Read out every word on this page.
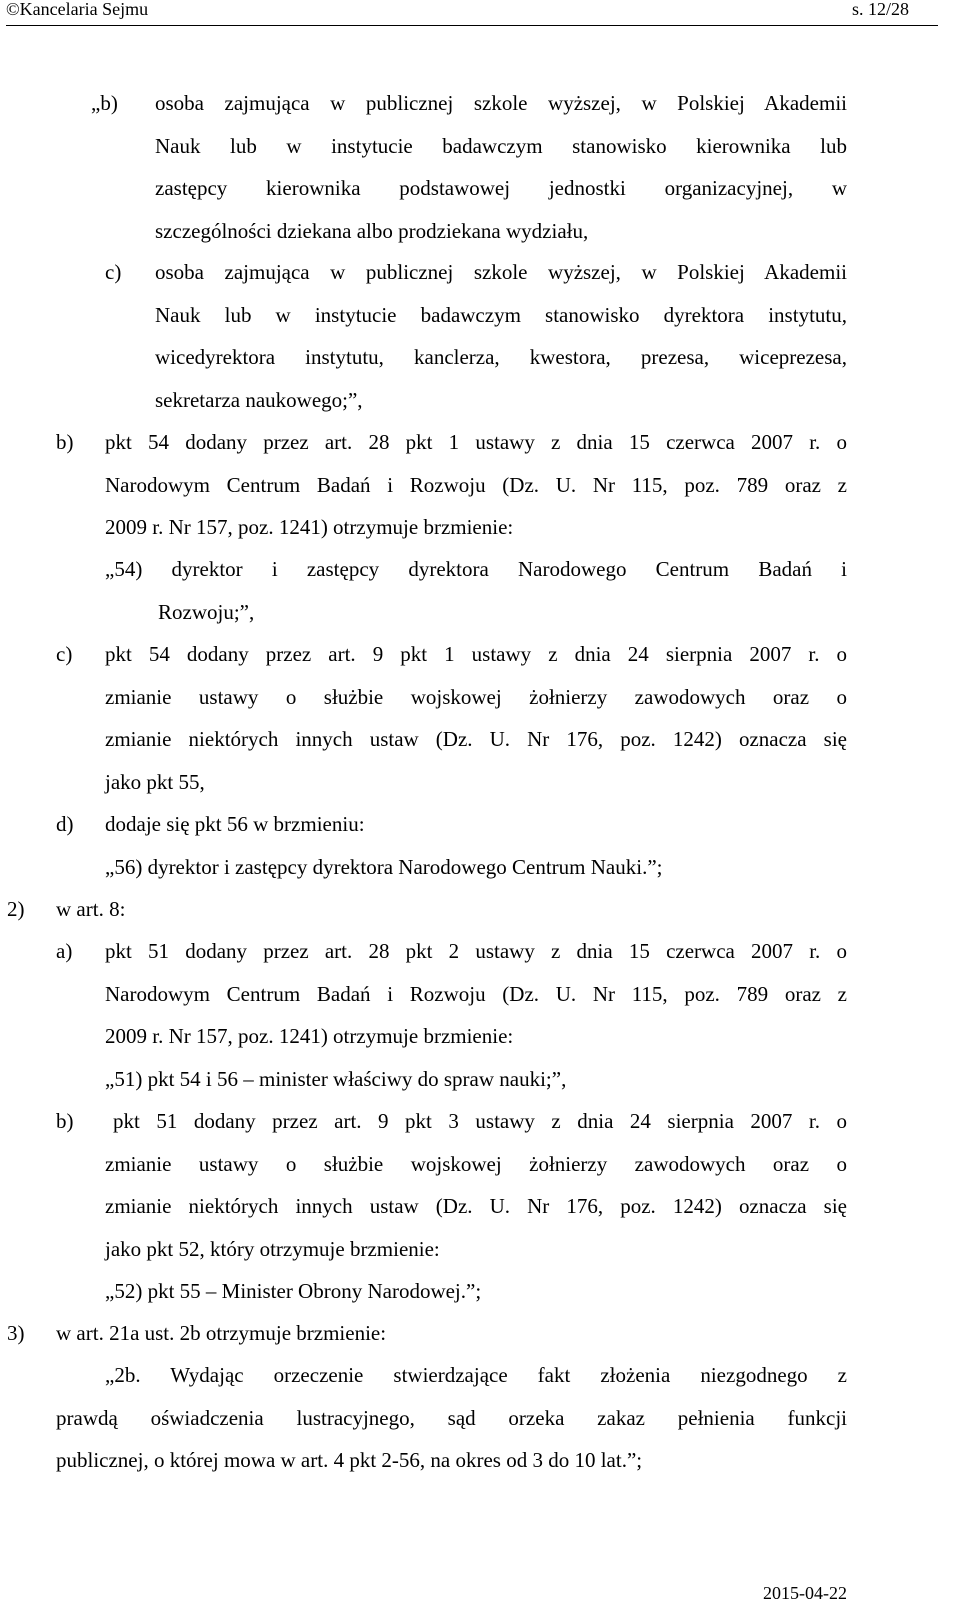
©Kancelaria Sejmu	s. 12/28
„b) osoba zajmująca w publicznej szkole wyższej, w Polskiej Akademii

Nauk lub w instytucie badawczym stanowisko kierownika lub

zastępcy kierownika podstawowej jednostki organizacyjnej, w

szczególności dziekana albo prodziekana wydziału,

c) osoba zajmująca w publicznej szkole wyższej, w Polskiej Akademii

Nauk lub w instytucie badawczym stanowisko dyrektora instytutu,

wicedyrektora instytutu, kanclerza, kwestora, prezesa, wiceprezesa,

sekretarza naukowego;”,

b) pkt 54 dodany przez art. 28 pkt 1 ustawy z dnia 15 czerwca 2007 r. o

Narodowym Centrum Badań i Rozwoju (Dz. U. Nr 115, poz. 789 oraz z

2009 r. Nr 157, poz. 1241) otrzymuje brzmienie:

„54) dyrektor i zastępcy dyrektora Narodowego Centrum Badań i

Rozwoju;”,

c) pkt 54 dodany przez art. 9 pkt 1 ustawy z dnia 24 sierpnia 2007 r. o

zmianie ustawy o służbie wojskowej żołnierzy zawodowych oraz o

zmianie niektórych innych ustaw (Dz. U. Nr 176, poz. 1242) oznacza się

jako pkt 55,

d) dodaje się pkt 56 w brzmieniu:

„56) dyrektor i zastępcy dyrektora Narodowego Centrum Nauki.”;

2) w art. 8:
a) pkt 51 dodany przez art. 28 pkt 2 ustawy z dnia 15 czerwca 2007 r. o

Narodowym Centrum Badań i Rozwoju (Dz. U. Nr 115, poz. 789 oraz z

2009 r. Nr 157, poz. 1241) otrzymuje brzmienie:

„51) pkt 54 i 56 – minister właściwy do spraw nauki;”,

b)	pkt 51 dodany przez art. 9 pkt 3 ustawy z dnia 24 sierpnia 2007 r. o

zmianie ustawy o służbie wojskowej żołnierzy zawodowych oraz o

zmianie niektórych innych ustaw (Dz. U. Nr 176, poz. 1242) oznacza się

jako pkt 52, który otrzymuje brzmienie:

„52) pkt 55 – Minister Obrony Narodowej.”;

3) w art. 21a ust. 2b otrzymuje brzmienie:

„2b. Wydając orzeczenie stwierdzające fakt złożenia niezgodnego z

prawdą oświadczenia lustracyjnego, sąd orzeka zakaz pełnienia funkcji

publicznej, o której mowa w art. 4 pkt 2-56, na okres od 3 do 10 lat.”;

2015-04-22
